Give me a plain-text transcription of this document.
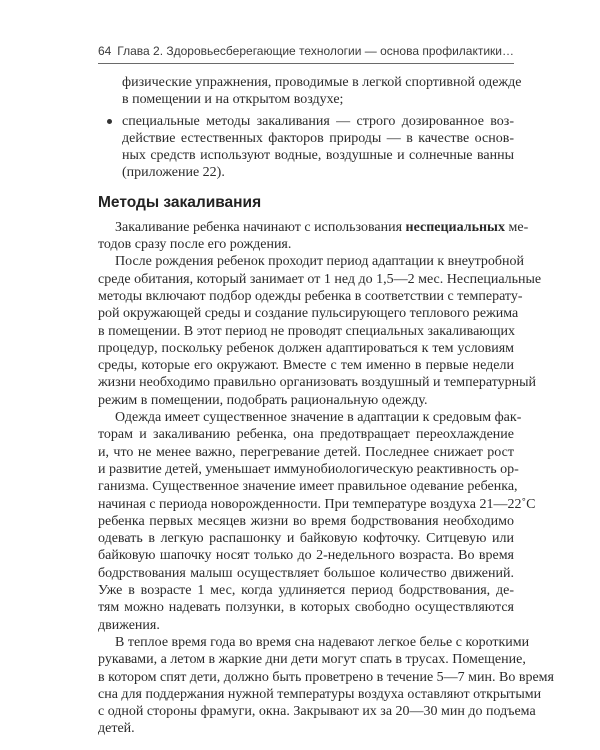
64 Глава 2. Здоровьесберегающие технологии — основа профилактики…
физические упражнения, проводимые в легкой спортивной одежде
в помещении и на открытом воздухе;
специальные методы закаливания — строго дозированное воз-
действие естественных факторов природы — в качестве основ-
ных средств используют водные, воздушные и солнечные ванны
(приложение 22).
Методы закаливания

Закаливание ребенка начинают с использования неспециальных ме-
тодов сразу после его рождения.

После рождения ребенок проходит период адаптации к внеутробной
среде обитания, который занимает от 1 нед до 1,5—2 мес. Неспециальные
методы включают подбор одежды ребенка в соответствии с температу-
рой окружающей среды и создание пульсирующего теплового режима
в помещении. В этот период не проводят специальных закаливающих
процедур, поскольку ребенок должен адаптироваться к тем условиям
среды, которые его окружают. Вместе с тем именно в первые недели
жизни необходимо правильно организовать воздушный и температурный
режим в помещении, подобрать рациональную одежду.

Одежда имеет существенное значение в адаптации к средовым фак-
торам и закаливанию ребенка, она предотвращает переохлаждение
и, что не менее важно, перегревание детей. Последнее снижает рост
и развитие детей, уменьшает иммунобиологическую реактивность ор-
ганизма. Существенное значение имеет правильное одевание ребенка,
начиная с периода новорожденности. При температуре воздуха 21—22˚С
ребенка первых месяцев жизни во время бодрствования необходимо
одевать в легкую распашонку и байковую кофточку. Ситцевую или
байковую шапочку носят только до 2-недельного возраста. Во время
бодрствования малыш осуществляет большое количество движений.
Уже в возрасте 1 мес, когда удлиняется период бодрствования, де-
тям можно надевать ползунки, в которых свободно осуществляются
движения.

В теплое время года во время сна надевают легкое белье с короткими
рукавами, а летом в жаркие дни дети могут спать в трусах. Помещение,
в котором спят дети, должно быть проветрено в течение 5—7 мин. Во время
сна для поддержания нужной температуры воздуха оставляют открытыми
с одной стороны фрамуги, окна. Закрывают их за 20—30 мин до подъема
детей.
